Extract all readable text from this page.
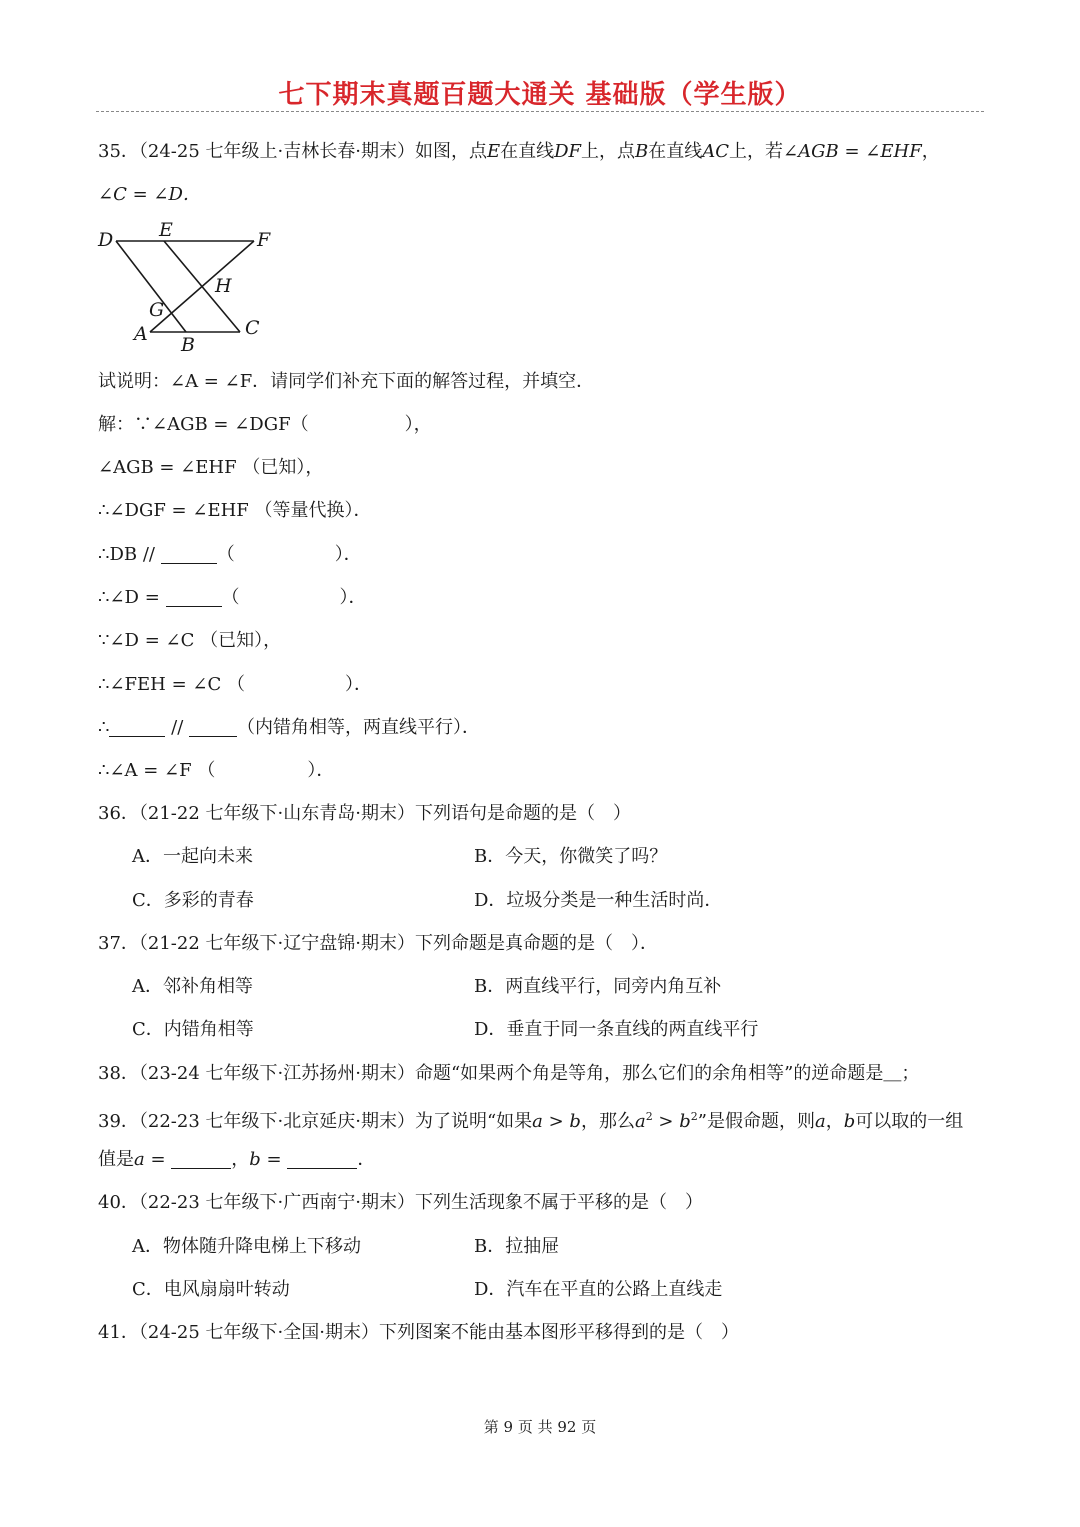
七下期末真题百题大通关 基础版（学生版）
35．（24-25 七年级上·吉林长春·期末）如图，点E在直线DF上，点B在直线AC上，若∠AGB = ∠EHF，
∠C = ∠D．
D E	F
H
G
A B
C
试说明：∠A = ∠F．请同学们补充下面的解答过程，并填空．
解：∵∠AGB = ∠DGF（	），
∠AGB = ∠EHF （已知），
∴∠DGF = ∠EHF （等量代换）．
∴DB //	（	）．
∴∠D =	（	）．
∵∠D = ∠C （已知），
∴∠FEH = ∠C （	）．
∴	//	（内错角相等，两直线平行）．
∴∠A = ∠F （	）．
36．（21-22 七年级下·山东青岛·期末）下列语句是命题的是（　）
A．一起向未来	B．今天，你微笑了吗？
C．多彩的青春	D．垃圾分类是一种生活时尚．
37．（21-22 七年级下·辽宁盘锦·期末）下列命题是真命题的是（　）．
A．邻补角相等	B．两直线平行，同旁内角互补
C．内错角相等	D．垂直于同一条直线的两直线平行
38．（23-24 七年级下·江苏扬州·期末）命题“如果两个角是等角，那么它们的余角相等”的逆命题是＿；
39．（22-23 七年级下·北京延庆·期末）为了说明“如果a > b，那么$a^2 > b^2$”是假命题，则a，b可以取的一组
值是a =	，b =	．
40．（22-23 七年级下·广西南宁·期末）下列生活现象不属于平移的是（　）
A．物体随升降电梯上下移动	B．拉抽屉
C．电风扇扇叶转动	D．汽车在平直的公路上直线走
41．（24-25 七年级下·全国·期末）下列图案不能由基本图形平移得到的是（　）
第 9 页 共 92 页
